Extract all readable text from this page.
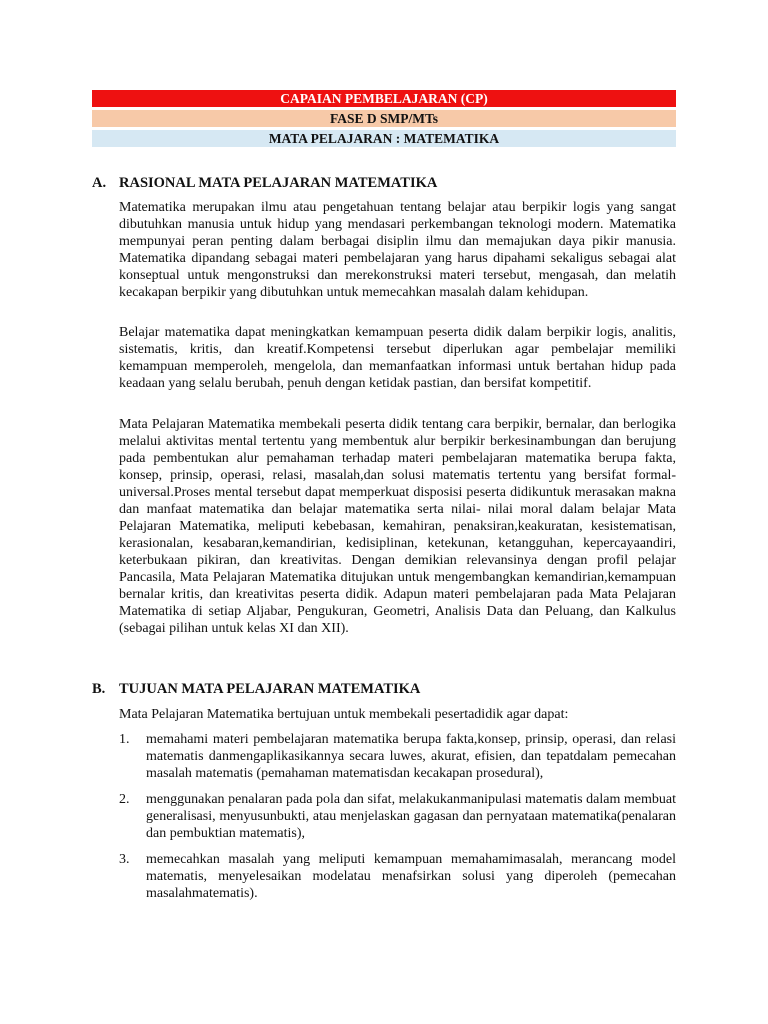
CAPAIAN PEMBELAJARAN (CP)
FASE D SMP/MTs
MATA PELAJARAN : MATEMATIKA
A. RASIONAL MATA PELAJARAN MATEMATIKA

Matematika merupakan ilmu atau pengetahuan tentang belajar atau berpikir logis yang sangat dibutuhkan manusia untuk hidup yang mendasari perkembangan teknologi modern. Matematika mempunyai peran penting dalam berbagai disiplin ilmu dan memajukan daya pikir manusia. Matematika dipandang sebagai materi pembelajaran yang harus dipahami sekaligus sebagai alat konseptual untuk mengonstruksi dan merekonstruksi materi tersebut, mengasah, dan melatih kecakapan berpikir yang dibutuhkan untuk memecahkan masalah dalam kehidupan.

Belajar matematika dapat meningkatkan kemampuan peserta didik dalam berpikir logis, analitis, sistematis, kritis, dan kreatif.Kompetensi tersebut diperlukan agar pembelajar memiliki kemampuan memperoleh, mengelola, dan memanfaatkan informasi untuk bertahan hidup pada keadaan yang selalu berubah, penuh dengan ketidak pastian, dan bersifat kompetitif.

Mata Pelajaran Matematika membekali peserta didik tentang cara berpikir, bernalar, dan berlogika melalui aktivitas mental tertentu yang membentuk alur berpikir berkesinambungan dan berujung pada pembentukan alur pemahaman terhadap materi pembelajaran matematika berupa fakta, konsep, prinsip, operasi, relasi, masalah,dan solusi matematis tertentu yang bersifat formal-universal.Proses mental tersebut dapat memperkuat disposisi peserta didikuntuk merasakan makna dan manfaat matematika dan belajar matematika serta nilai- nilai moral dalam belajar Mata Pelajaran Matematika, meliputi kebebasan, kemahiran, penaksiran,keakuratan, kesistematisan, kerasionalan, kesabaran,kemandirian, kedisiplinan, ketekunan, ketangguhan, kepercayaandiri, keterbukaan pikiran, dan kreativitas. Dengan demikian relevansinya dengan profil pelajar Pancasila, Mata Pelajaran Matematika ditujukan untuk mengembangkan kemandirian,kemampuan bernalar kritis, dan kreativitas peserta didik. Adapun materi pembelajaran pada Mata Pelajaran Matematika di setiap Aljabar, Pengukuran, Geometri, Analisis Data dan Peluang, dan Kalkulus (sebagai pilihan untuk kelas XI dan XII).

B. TUJUAN MATA PELAJARAN MATEMATIKA

Mata Pelajaran Matematika bertujuan untuk membekali pesertadidik agar dapat:

1. memahami materi pembelajaran matematika berupa fakta,konsep, prinsip, operasi, dan relasi matematis danmengaplikasikannya secara luwes, akurat, efisien, dan tepatdalam pemecahan masalah matematis (pemahaman matematisdan kecakapan prosedural),
2. menggunakan penalaran pada pola dan sifat, melakukanmanipulasi matematis dalam membuat generalisasi, menyusunbukti, atau menjelaskan gagasan dan pernyataan matematika(penalaran dan pembuktian matematis),
3. memecahkan masalah yang meliputi kemampuan memahamimasalah, merancang model matematis, menyelesaikan modelatau menafsirkan solusi yang diperoleh (pemecahan masalahmatematis).
